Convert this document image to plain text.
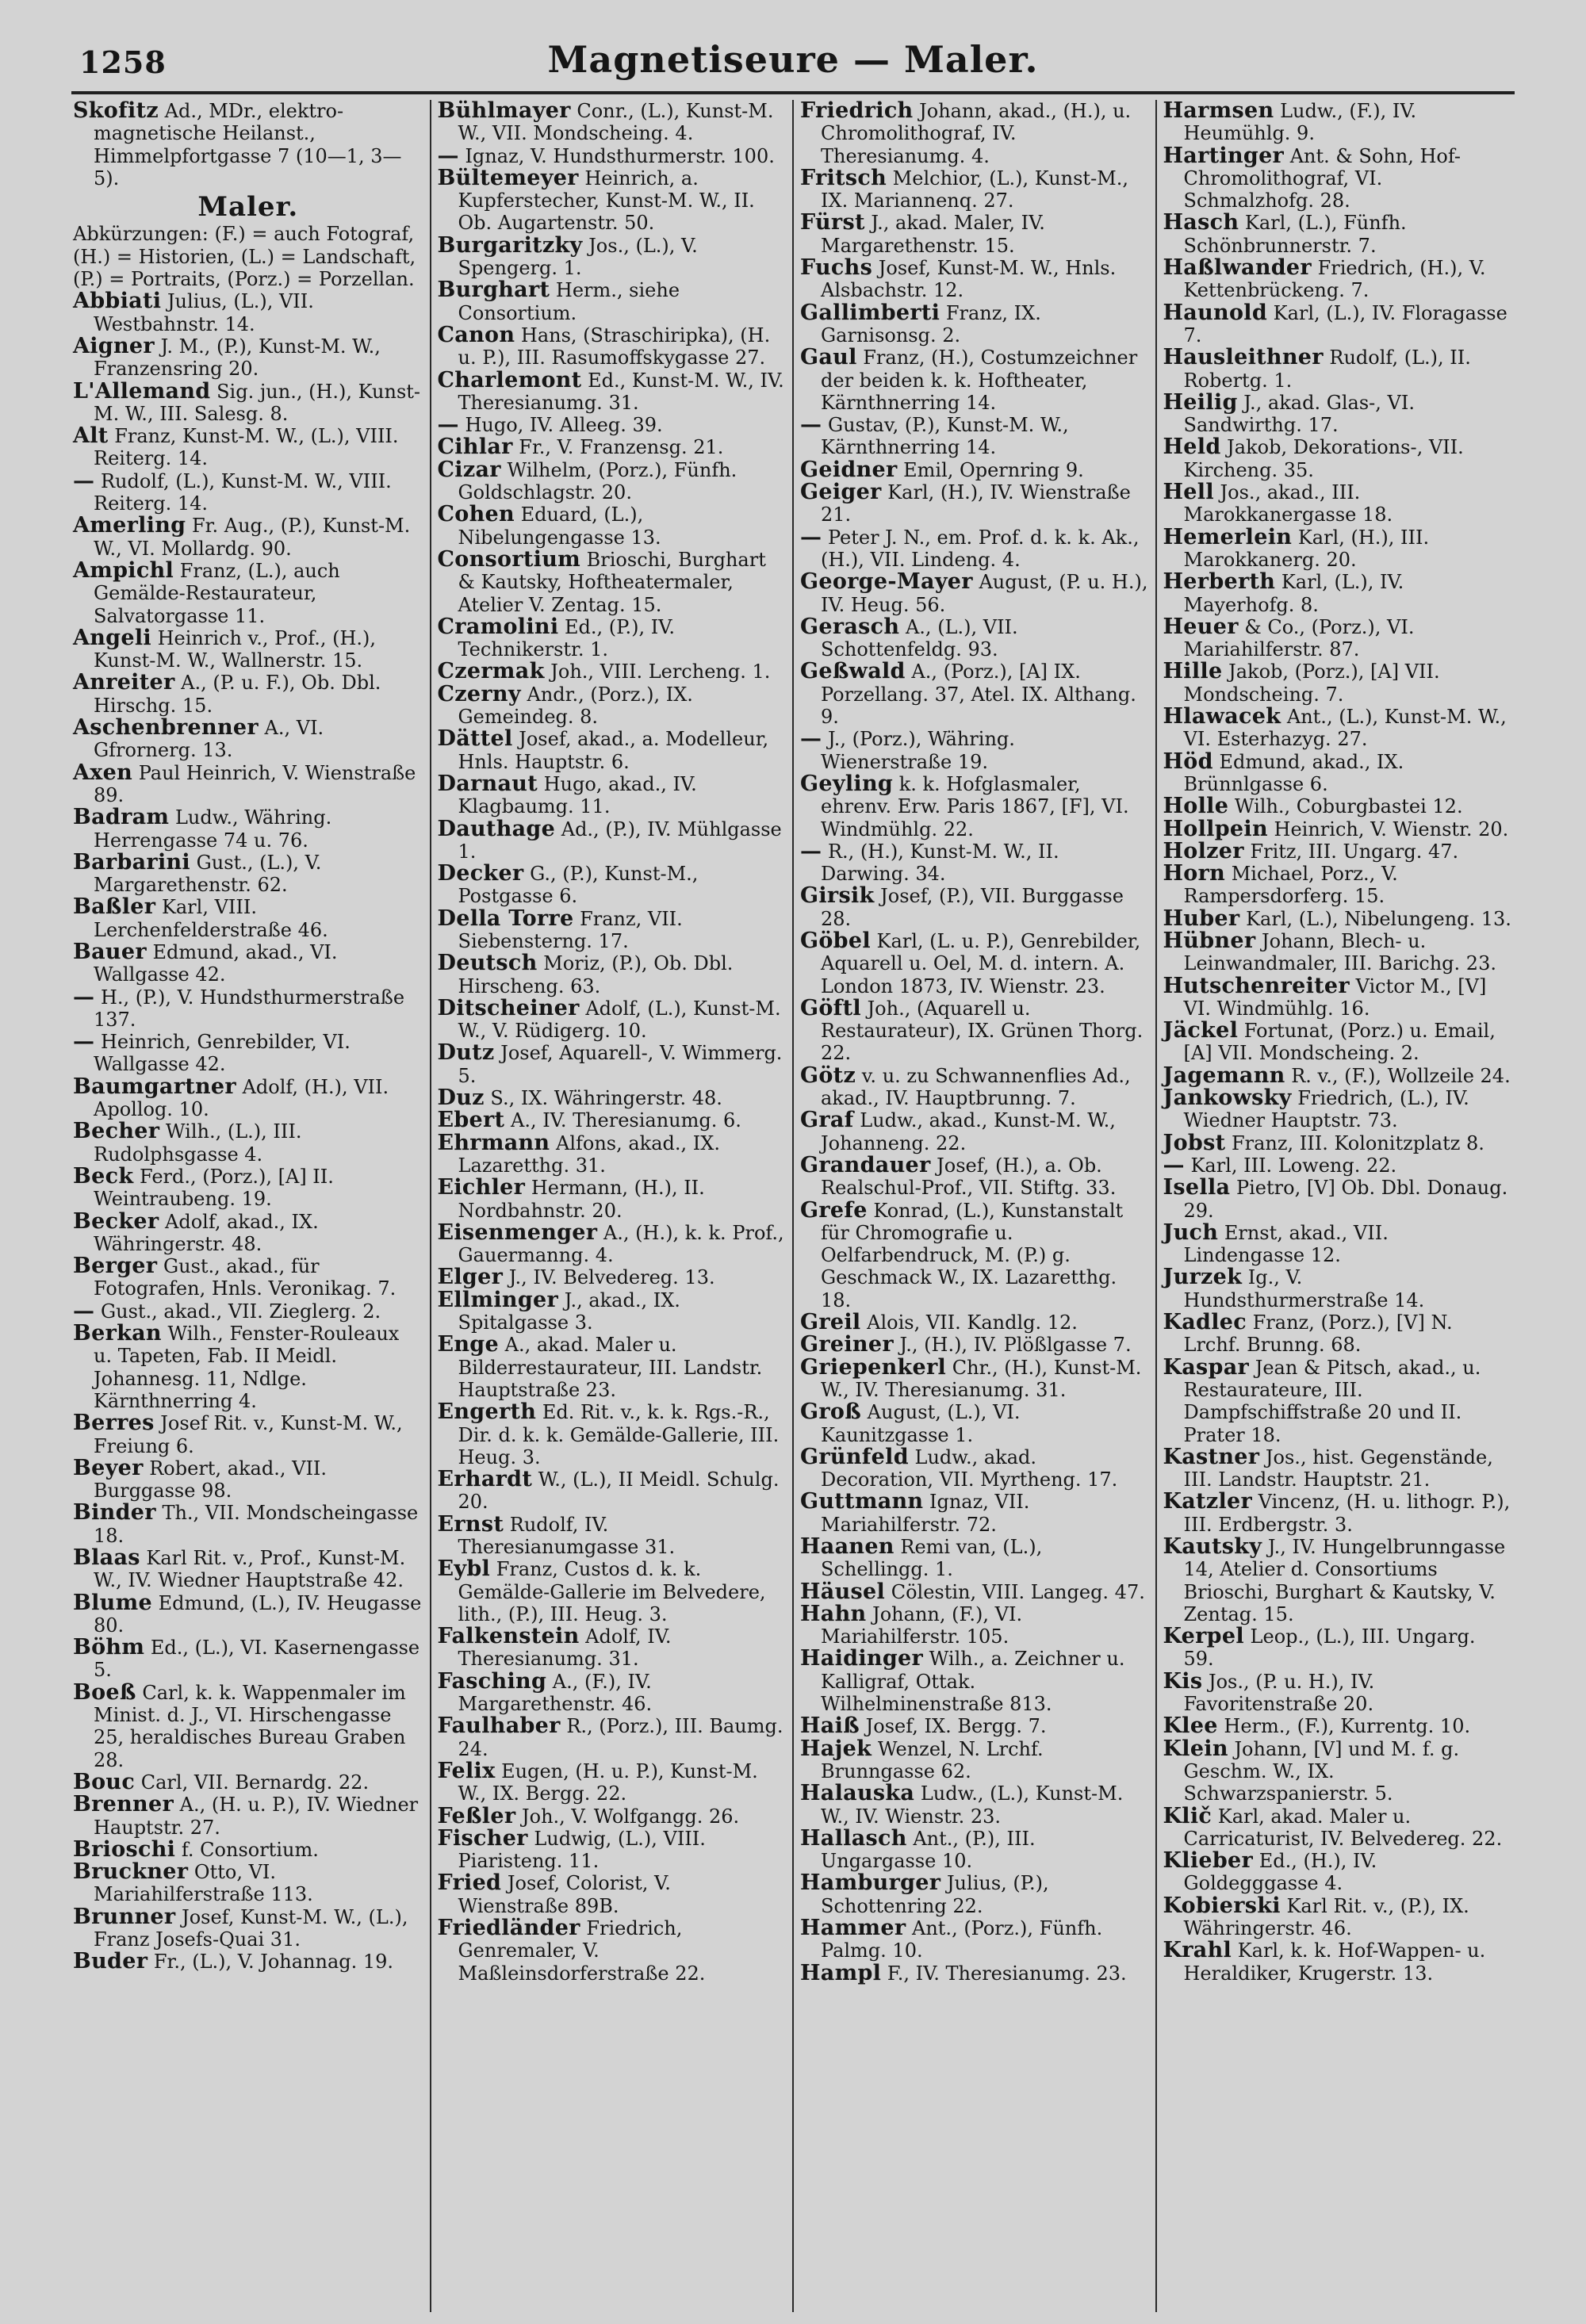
1258	Magnetiseure — Maler.
Skofitz Ad., MDr., elektro-magnetische Heilanst., Himmelpfortgasse 7 (10—1, 3—5).
Maler.
Abkürzungen: (F.) = auch Fotograf, (H.) = Historien, (L.) = Landschaft, (P.) = Portraits, (Porz.) = Porzellan.
Abbiati Julius, (L.), VII. Westbahnstr. 14.
Aigner J. M., (P.), Kunst-M. W., Franzensring 20.
L'Allemand Sig. jun., (H.), Kunst-M. W., III. Salesg. 8.
Alt Franz, Kunst-M. W., (L.), VIII. Reiterg. 14.
— Rudolf, (L.), Kunst-M. W., VIII. Reiterg. 14.
Amerling Fr. Aug., (P.), Kunst-M. W., VI. Mollardg. 90.
Ampichl Franz, (L.), auch Gemälde-Restaurateur, Salvatorgasse 11.
Angeli Heinrich v., Prof., (H.), Kunst-M. W., Wallnerstr. 15.
Anreiter A., (P. u. F.), Ob. Dbl. Hirschg. 15.
Aschenbrenner A., VI. Gfrornerg. 13.
Axen Paul Heinrich, V. Wienstraße 89.
Badram Ludw., Währing. Herrengasse 74 u. 76.
Barbarini Gust., (L.), V. Margarethenstr. 62.
Baßler Karl, VIII. Lerchenfelderstraße 46.
Bauer Edmund, akad., VI. Wallgasse 42.
— H., (P.), V. Hundsthurmerstraße 137.
— Heinrich, Genrebilder, VI. Wallgasse 42.
Baumgartner Adolf, (H.), VII. Apollog. 10.
Becher Wilh., (L.), III. Rudolphsgasse 4.
Beck Ferd., (Porz.), [A] II. Weintraubeng. 19.
Becker Adolf, akad., IX. Währingerstr. 48.
Berger Gust., akad., für Fotografen, Hnls. Veronikag. 7.
— Gust., akad., VII. Zieglerg. 2.
Berkan Wilh., Fenster-Rouleaux u. Tapeten, Fab. II Meidl. Johannesg. 11, Ndlge. Kärnthnerring 4.
Berres Josef Rit. v., Kunst-M. W., Freiung 6.
Beyer Robert, akad., VII. Burggasse 98.
Binder Th., VII. Mondscheingasse 18.
Blaas Karl Rit. v., Prof., Kunst-M. W., IV. Wiedner Hauptstraße 42.
Blume Edmund, (L.), IV. Heugasse 80.
Böhm Ed., (L.), VI. Kasernengasse 5.
Boeß Carl, k. k. Wappenmaler im Minist. d. J., VI. Hirschengasse 25, heraldisches Bureau Graben 28.
Bouc Carl, VII. Bernardg. 22.
Brenner A., (H. u. P.), IV. Wiedner Hauptstr. 27.
Brioschi f. Consortium.
Bruckner Otto, VI. Mariahilferstraße 113.
Brunner Josef, Kunst-M. W., (L.), Franz Josefs-Quai 31.
Buder Fr., (L.), V. Johannag. 19.
Bühlmayer Conr., (L.), Kunst-M. W., VII. Mondscheing. 4.
— Ignaz, V. Hundsthurmerstr. 100.
Bültemeyer Heinrich, a. Kupferstecher, Kunst-M. W., II. Ob. Augartenstr. 50.
Burgaritzky Jos., (L.), V. Spengerg. 1.
Burghart Herm., siehe Consortium.
Canon Hans, (Straschiripka), (H. u. P.), III. Rasumoffskygasse 27.
Charlemont Ed., Kunst-M. W., IV. Theresianumg. 31.
— Hugo, IV. Alleeg. 39.
Cihlar Fr., V. Franzensg. 21.
Cizar Wilhelm, (Porz.), Fünfh. Goldschlagstr. 20.
Cohen Eduard, (L.), Nibelungengasse 13.
Consortium Brioschi, Burghart & Kautsky, Hoftheatermaler, Atelier V. Zentag. 15.
Cramolini Ed., (P.), IV. Technikerstr. 1.
Czermak Joh., VIII. Lercheng. 1.
Czerny Andr., (Porz.), IX. Gemeindeg. 8.
Dättel Josef, akad., a. Modelleur, Hnls. Hauptstr. 6.
Darnaut Hugo, akad., IV. Klagbaumg. 11.
Dauthage Ad., (P.), IV. Mühlgasse 1.
Decker G., (P.), Kunst-M., Postgasse 6.
Della Torre Franz, VII. Siebensterng. 17.
Deutsch Moriz, (P.), Ob. Dbl. Hirscheng. 63.
Ditscheiner Adolf, (L.), Kunst-M. W., V. Rüdigerg. 10.
Dutz Josef, Aquarell-, V. Wimmerg. 5.
Duz S., IX. Währingerstr. 48.
Ebert A., IV. Theresianumg. 6.
Ehrmann Alfons, akad., IX. Lazaretthg. 31.
Eichler Hermann, (H.), II. Nordbahnstr. 20.
Eisenmenger A., (H.), k. k. Prof., Gauermanng. 4.
Elger J., IV. Belvedereg. 13.
Ellminger J., akad., IX. Spitalgasse 3.
Enge A., akad. Maler u. Bilderrestaurateur, III. Landstr. Hauptstraße 23.
Engerth Ed. Rit. v., k. k. Rgs.-R., Dir. d. k. k. Gemälde-Gallerie, III. Heug. 3.
Erhardt W., (L.), II Meidl. Schulg. 20.
Ernst Rudolf, IV. Theresianumgasse 31.
Eybl Franz, Custos d. k. k. Gemälde-Gallerie im Belvedere, lith., (P.), III. Heug. 3.
Falkenstein Adolf, IV. Theresianumg. 31.
Fasching A., (F.), IV. Margarethenstr. 46.
Faulhaber R., (Porz.), III. Baumg. 24.
Felix Eugen, (H. u. P.), Kunst-M. W., IX. Bergg. 22.
Feßler Joh., V. Wolfgangg. 26.
Fischer Ludwig, (L.), VIII. Piaristeng. 11.
Fried Josef, Colorist, V. Wienstraße 89B.
Friedländer Friedrich, Genremaler, V. Maßleinsdorferstraße 22.
Friedrich Johann, akad., (H.), u. Chromolithograf, IV. Theresianumg. 4.
Fritsch Melchior, (L.), Kunst-M., IX. Mariannenq. 27.
Fürst J., akad. Maler, IV. Margarethenstr. 15.
Fuchs Josef, Kunst-M. W., Hnls. Alsbachstr. 12.
Gallimberti Franz, IX. Garnisonsg. 2.
Gaul Franz, (H.), Costumzeichner der beiden k. k. Hoftheater, Kärnthnerring 14.
— Gustav, (P.), Kunst-M. W., Kärnthnerring 14.
Geidner Emil, Opernring 9.
Geiger Karl, (H.), IV. Wienstraße 21.
— Peter J. N., em. Prof. d. k. k. Ak., (H.), VII. Lindeng. 4.
George-Mayer August, (P. u. H.), IV. Heug. 56.
Gerasch A., (L.), VII. Schottenfeldg. 93.
Geßwald A., (Porz.), [A] IX. Porzellang. 37, Atel. IX. Althang. 9.
— J., (Porz.), Währing. Wienerstraße 19.
Geyling k. k. Hofglasmaler, ehrenv. Erw. Paris 1867, [F], VI. Windmühlg. 22.
— R., (H.), Kunst-M. W., II. Darwing. 34.
Girsik Josef, (P.), VII. Burggasse 28.
Göbel Karl, (L. u. P.), Genrebilder, Aquarell u. Oel, M. d. intern. A. London 1873, IV. Wienstr. 23.
Göftl Joh., (Aquarell u. Restaurateur), IX. Grünen Thorg. 22.
Götz v. u. zu Schwannenflies Ad., akad., IV. Hauptbrunng. 7.
Graf Ludw., akad., Kunst-M. W., Johanneng. 22.
Grandauer Josef, (H.), a. Ob. Realschul-Prof., VII. Stiftg. 33.
Grefe Konrad, (L.), Kunstanstalt für Chromografie u. Oelfarbendruck, M. (P.) g. Geschmack W., IX. Lazaretthg. 18.
Greil Alois, VII. Kandlg. 12.
Greiner J., (H.), IV. Plößlgasse 7.
Griepenkerl Chr., (H.), Kunst-M. W., IV. Theresianumg. 31.
Groß August, (L.), VI. Kaunitzgasse 1.
Grünfeld Ludw., akad. Decoration, VII. Myrtheng. 17.
Guttmann Ignaz, VII. Mariahilferstr. 72.
Haanen Remi van, (L.), Schellingg. 1.
Häusel Cölestin, VIII. Langeg. 47.
Hahn Johann, (F.), VI. Mariahilferstr. 105.
Haidinger Wilh., a. Zeichner u. Kalligraf, Ottak. Wilhelminenstraße 813.
Haiß Josef, IX. Bergg. 7.
Hajek Wenzel, N. Lrchf. Brunngasse 62.
Halauska Ludw., (L.), Kunst-M. W., IV. Wienstr. 23.
Hallasch Ant., (P.), III. Ungargasse 10.
Hamburger Julius, (P.), Schottenring 22.
Hammer Ant., (Porz.), Fünfh. Palmg. 10.
Hampl F., IV. Theresianumg. 23.
Harmsen Ludw., (F.), IV. Heumühlg. 9.
Hartinger Ant. & Sohn, Hof-Chromolithograf, VI. Schmalzhofg. 28.
Hasch Karl, (L.), Fünfh. Schönbrunnerstr. 7.
Haßlwander Friedrich, (H.), V. Kettenbrückeng. 7.
Haunold Karl, (L.), IV. Floragasse 7.
Hausleithner Rudolf, (L.), II. Robertg. 1.
Heilig J., akad. Glas-, VI. Sandwirthg. 17.
Held Jakob, Dekorations-, VII. Kircheng. 35.
Hell Jos., akad., III. Marokkanergasse 18.
Hemerlein Karl, (H.), III. Marokkanerg. 20.
Herberth Karl, (L.), IV. Mayerhofg. 8.
Heuer & Co., (Porz.), VI. Mariahilferstr. 87.
Hille Jakob, (Porz.), [A] VII. Mondscheing. 7.
Hlawacek Ant., (L.), Kunst-M. W., VI. Esterhazyg. 27.
Höd Edmund, akad., IX. Brünnlgasse 6.
Holle Wilh., Coburgbastei 12.
Hollpein Heinrich, V. Wienstr. 20.
Holzer Fritz, III. Ungarg. 47.
Horn Michael, Porz., V. Rampersdorferg. 15.
Huber Karl, (L.), Nibelungeng. 13.
Hübner Johann, Blech- u. Leinwandmaler, III. Barichg. 23.
Hutschenreiter Victor M., [V] VI. Windmühlg. 16.
Jäckel Fortunat, (Porz.) u. Email, [A] VII. Mondscheing. 2.
Jagemann R. v., (F.), Wollzeile 24.
Jankowsky Friedrich, (L.), IV. Wiedner Hauptstr. 73.
Jobst Franz, III. Kolonitzplatz 8.
— Karl, III. Loweng. 22.
Isella Pietro, [V] Ob. Dbl. Donaug. 29.
Juch Ernst, akad., VII. Lindengasse 12.
Jurzek Ig., V. Hundsthurmerstraße 14.
Kadlec Franz, (Porz.), [V] N. Lrchf. Brunng. 68.
Kaspar Jean & Pitsch, akad., u. Restaurateure, III. Dampfschiffstraße 20 und II. Prater 18.
Kastner Jos., hist. Gegenstände, III. Landstr. Hauptstr. 21.
Katzler Vincenz, (H. u. lithogr. P.), III. Erdbergstr. 3.
Kautsky J., IV. Hungelbrunngasse 14, Atelier d. Consortiums Brioschi, Burghart & Kautsky, V. Zentag. 15.
Kerpel Leop., (L.), III. Ungarg. 59.
Kis Jos., (P. u. H.), IV. Favoritenstraße 20.
Klee Herm., (F.), Kurrentg. 10.
Klein Johann, [V] und M. f. g. Geschm. W., IX. Schwarzspanierstr. 5.
Klič Karl, akad. Maler u. Carricaturist, IV. Belvedereg. 22.
Klieber Ed., (H.), IV. Goldegggasse 4.
Kobierski Karl Rit. v., (P.), IX. Währingerstr. 46.
Krahl Karl, k. k. Hof-Wappen- u. Heraldiker, Krugerstr. 13.
